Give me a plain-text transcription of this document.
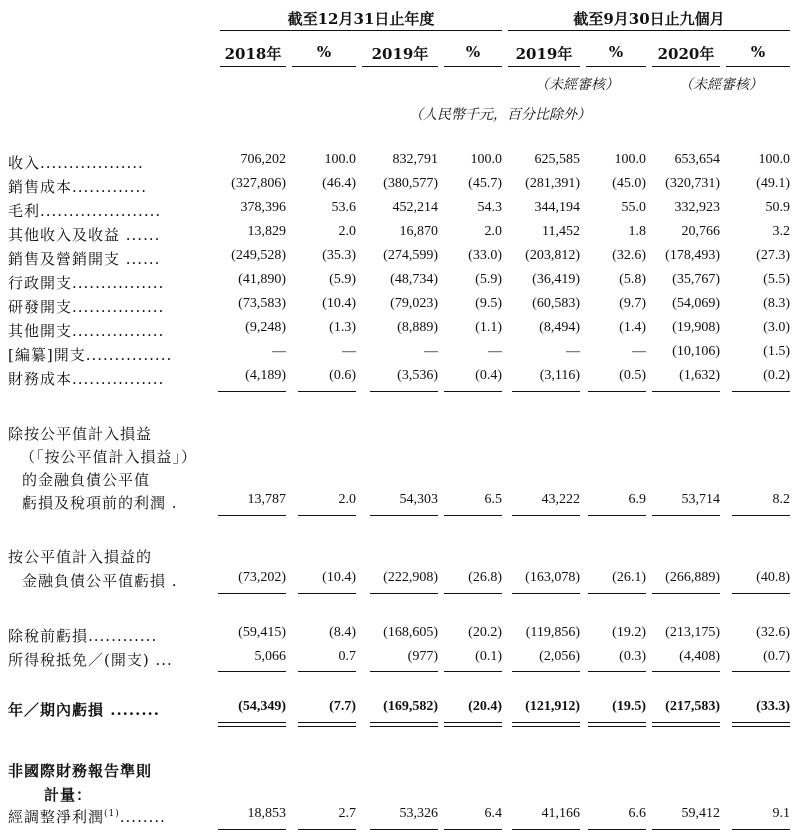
截至12月31日止年度	截至9月30日止九個月
2018年	%	2019年	%	2019年	%	2020年	%
（未經審核）	（未經審核）
（人民幣千元，百分比除外）
收入..................	706,202	100.0	832,791	100.0	625,585	100.0	653,654	100.0
銷售成本.............	(327,806)	(46.4)	(380,577)	(45.7)	(281,391)	(45.0)	(320,731)	(49.1)
毛利.....................	378,396	53.6	452,214	54.3	344,194	55.0	332,923	50.9
其他收入及收益 ......	13,829	2.0	16,870	2.0	11,452	1.8	20,766	3.2
銷售及營銷開支 ......	(249,528)	(35.3)	(274,599)	(33.0)	(203,812)	(32.6)	(178,493)	(27.3)
行政開支................	(41,890)	(5.9)	(48,734)	(5.9)	(36,419)	(5.8)	(35,767)	(5.5)
研發開支................	(73,583)	(10.4)	(79,023)	(9.5)	(60,583)	(9.7)	(54,069)	(8.3)
其他開支................	(9,248)	(1.3)	(8,889)	(1.1)	(8,494)	(1.4)	(19,908)	(3.0)
[編纂]開支...............	—	—	—	—	—	—	(10,106)	(1.5)
財務成本................	(4,189)	(0.6)	(3,536)	(0.4)	(3,116)	(0.5)	(1,632)	(0.2)
除按公平值計入損益
（「按公平值計入損益」）
的金融負債公平值
虧損及稅項前的利潤 .	13,787	2.0	54,303	6.5	43,222	6.9	53,714	8.2
按公平值計入損益的
金融負債公平值虧損 .	(73,202)	(10.4)	(222,908)	(26.8)	(163,078)	(26.1)	(266,889)	(40.8)
除稅前虧損............	(59,415)	(8.4)	(168,605)	(20.2)	(119,856)	(19.2)	(213,175)	(32.6)
所得稅抵免／(開支) ...	5,066	0.7	(977)	(0.1)	(2,056)	(0.3)	(4,408)	(0.7)
年／期內虧損 ........	(54,349)	(7.7)	(169,582)	(20.4)	(121,912)	(19.5)	(217,583)	(33.3)
非國際財務報告準則
計量：
經調整淨利潤$^{(1)}$........	18,853	2.7	53,326	6.4	41,166	6.6	59,412	9.1
